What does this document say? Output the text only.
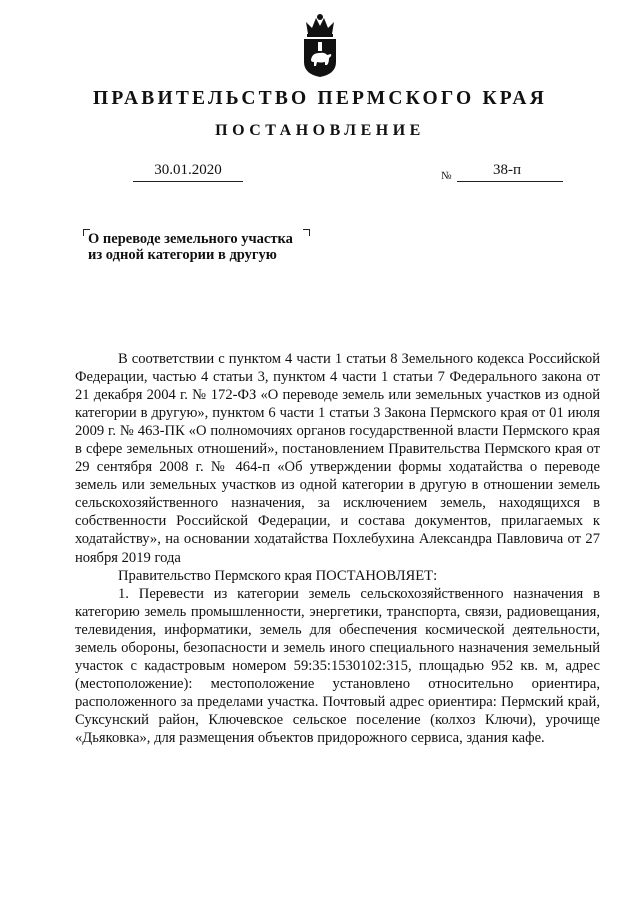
ПРАВИТЕЛЬСТВО ПЕРМСКОГО КРАЯ
ПОСТАНОВЛЕНИЕ
30.01.2020	№	38-п
О переводе земельного участка
из одной категории в другую

В соответствии с пунктом 4 части 1 статьи 8 Земельного кодекса Российской Федерации, частью 4 статьи 3, пунктом 4 части 1 статьи 7 Федерального закона от 21 декабря 2004 г. № 172-ФЗ «О переводе земель или земельных участков из одной категории в другую», пунктом 6 части 1 статьи 3 Закона Пермского края от 01 июля 2009 г. № 463-ПК «О полномочиях органов государственной власти Пермского края в сфере земельных отношений», постановлением Правительства Пермского края от 29 сентября 2008 г. № 464-п «Об утверждении формы ходатайства о переводе земель или земельных участков из одной категории в другую в отношении земель сельскохозяйственного назначения, за исключением земель, находящихся в собственности Российской Федерации, и состава документов, прилагаемых к ходатайству», на основании ходатайства Похлебухина Александра Павловича от 27 ноября 2019 года

Правительство Пермского края ПОСТАНОВЛЯЕТ:

1. Перевести из категории земель сельскохозяйственного назначения в категорию земель промышленности, энергетики, транспорта, связи, радиовещания, телевидения, информатики, земель для обеспечения космической деятельности, земель обороны, безопасности и земель иного специального назначения земельный участок с кадастровым номером 59:35:1530102:315, площадью 952 кв. м, адрес (местоположение): местоположение установлено относительно ориентира, расположенного за пределами участка. Почтовый адрес ориентира: Пермский край, Суксунский район, Ключевское сельское поселение (колхоз Ключи), урочище «Дьяковка», для размещения объектов придорожного сервиса, здания кафе.
